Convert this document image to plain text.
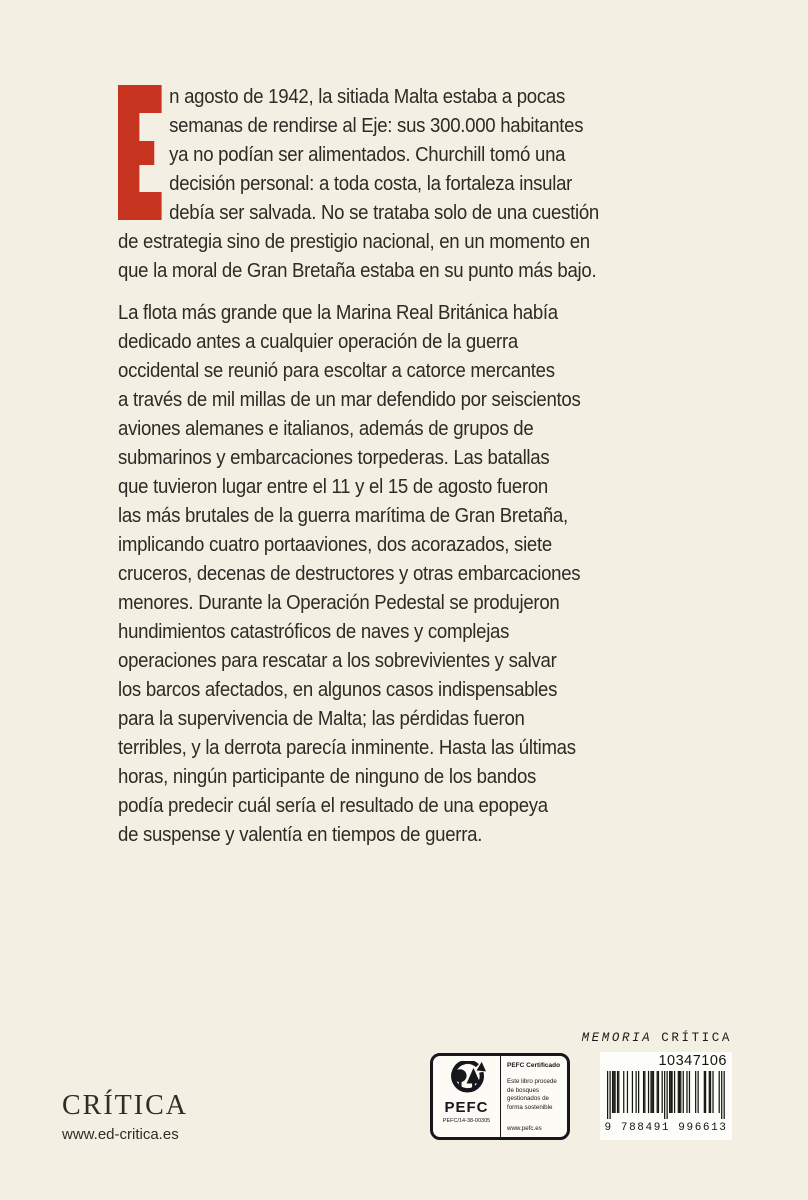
n agosto de 1942, la sitiada Malta estaba a pocas
semanas de rendirse al Eje: sus 300.000 habitantes
ya no podían ser alimentados. Churchill tomó una
decisión personal: a toda costa, la fortaleza insular
debía ser salvada. No se trataba solo de una cuestión
de estrategia sino de prestigio nacional, en un momento en
que la moral de Gran Bretaña estaba en su punto más bajo.
La flota más grande que la Marina Real Británica había
dedicado antes a cualquier operación de la guerra
occidental se reunió para escoltar a catorce mercantes
a través de mil millas de un mar defendido por seiscientos
aviones alemanes e italianos, además de grupos de
submarinos y embarcaciones torpederas. Las batallas
que tuvieron lugar entre el 11 y el 15 de agosto fueron
las más brutales de la guerra marítima de Gran Bretaña,
implicando cuatro portaaviones, dos acorazados, siete
cruceros, decenas de destructores y otras embarcaciones
menores. Durante la Operación Pedestal se produjeron
hundimientos catastróficos de naves y complejas
operaciones para rescatar a los sobrevivientes y salvar
los barcos afectados, en algunos casos indispensables
para la supervivencia de Malta; las pérdidas fueron
terribles, y la derrota parecía inminente. Hasta las últimas
horas, ningún participante de ninguno de los bandos
podía predecir cuál sería el resultado de una epopeya
de suspense y valentía en tiempos de guerra.
CRÍTICA
www.ed-critica.es
PEFC
PEFC/14-38-00305
PEFC Certificado
Este libro procede de bosques gestionados de forma sostenible
www.pefc.es
MEMORIA CRÍTICA
10347106
9 788491 996613
